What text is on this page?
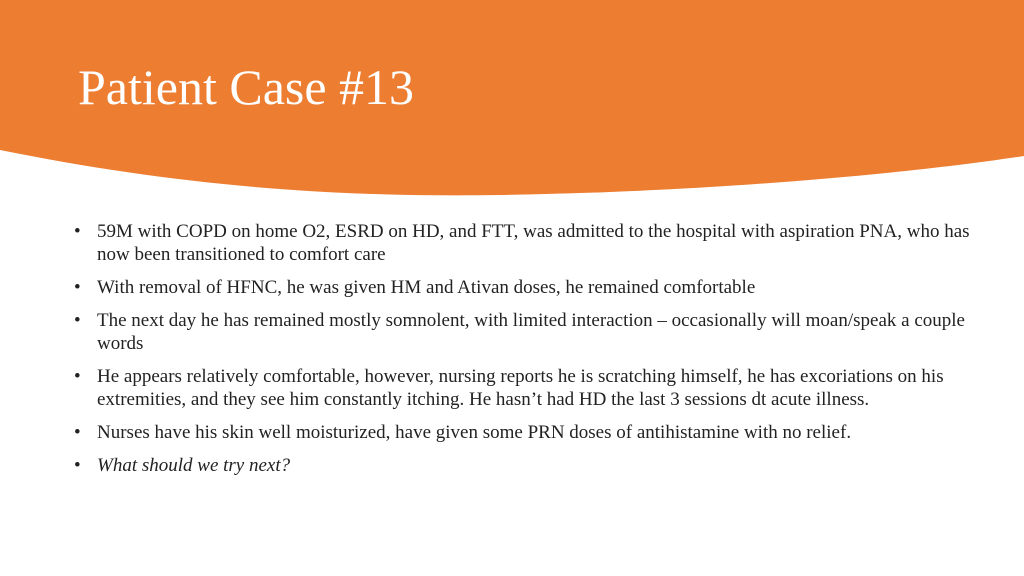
Patient Case #13
• 59M with COPD on home O2, ESRD on HD, and FTT, was admitted to the hospital with aspiration PNA, who has now been transitioned to comfort care
• With removal of HFNC, he was given HM and Ativan doses, he remained comfortable
• The next day he has remained mostly somnolent, with limited interaction – occasionally will moan/speak a couple words
• He appears relatively comfortable, however, nursing reports he is scratching himself, he has excoriations on his extremities, and they see him constantly itching. He hasn’t had HD the last 3 sessions dt acute illness.
• Nurses have his skin well moisturized, have given some PRN doses of antihistamine with no relief.
• What should we try next?
